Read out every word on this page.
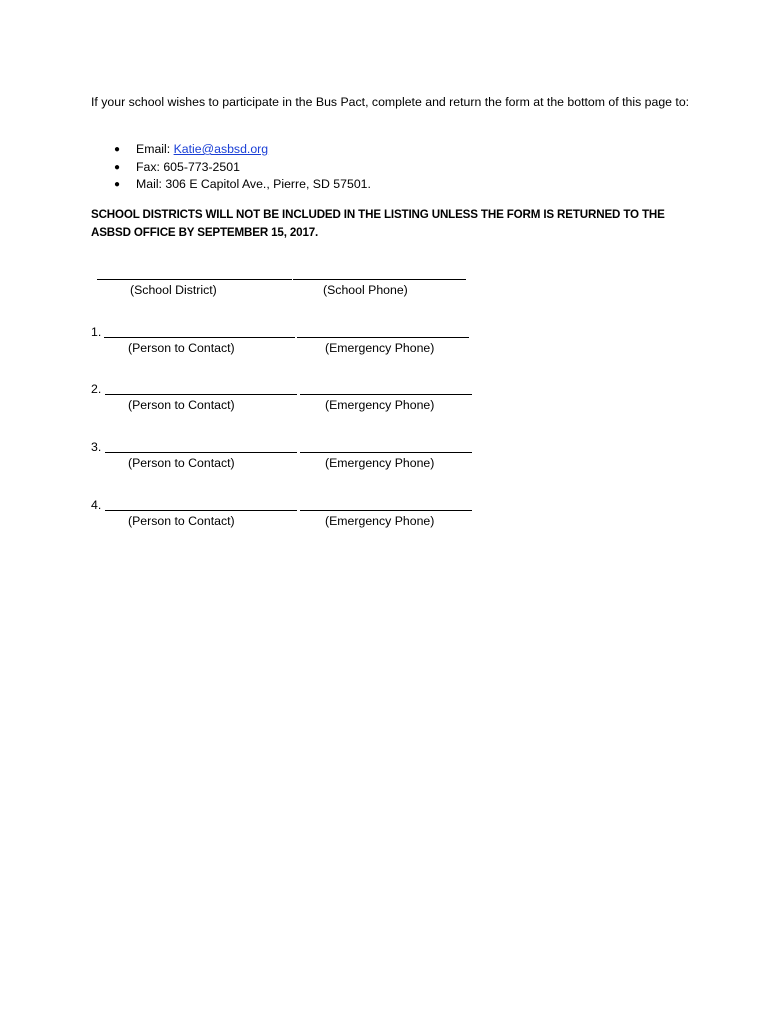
If your school wishes to participate in the Bus Pact, complete and return the form at the bottom of this page to:

● Email: Katie@asbsd.org
● Fax: 605-773-2501
● Mail: 306 E Capitol Ave., Pierre, SD 57501.

SCHOOL DISTRICTS WILL NOT BE INCLUDED IN THE LISTING UNLESS THE FORM IS RETURNED TO THE ASBSD OFFICE BY SEPTEMBER 15, 2017.

(School District)	(School Phone)
1.
(Person to Contact)	(Emergency Phone)
2.
(Person to Contact)	(Emergency Phone)
3.
(Person to Contact)	(Emergency Phone)
4.
(Person to Contact)	(Emergency Phone)
